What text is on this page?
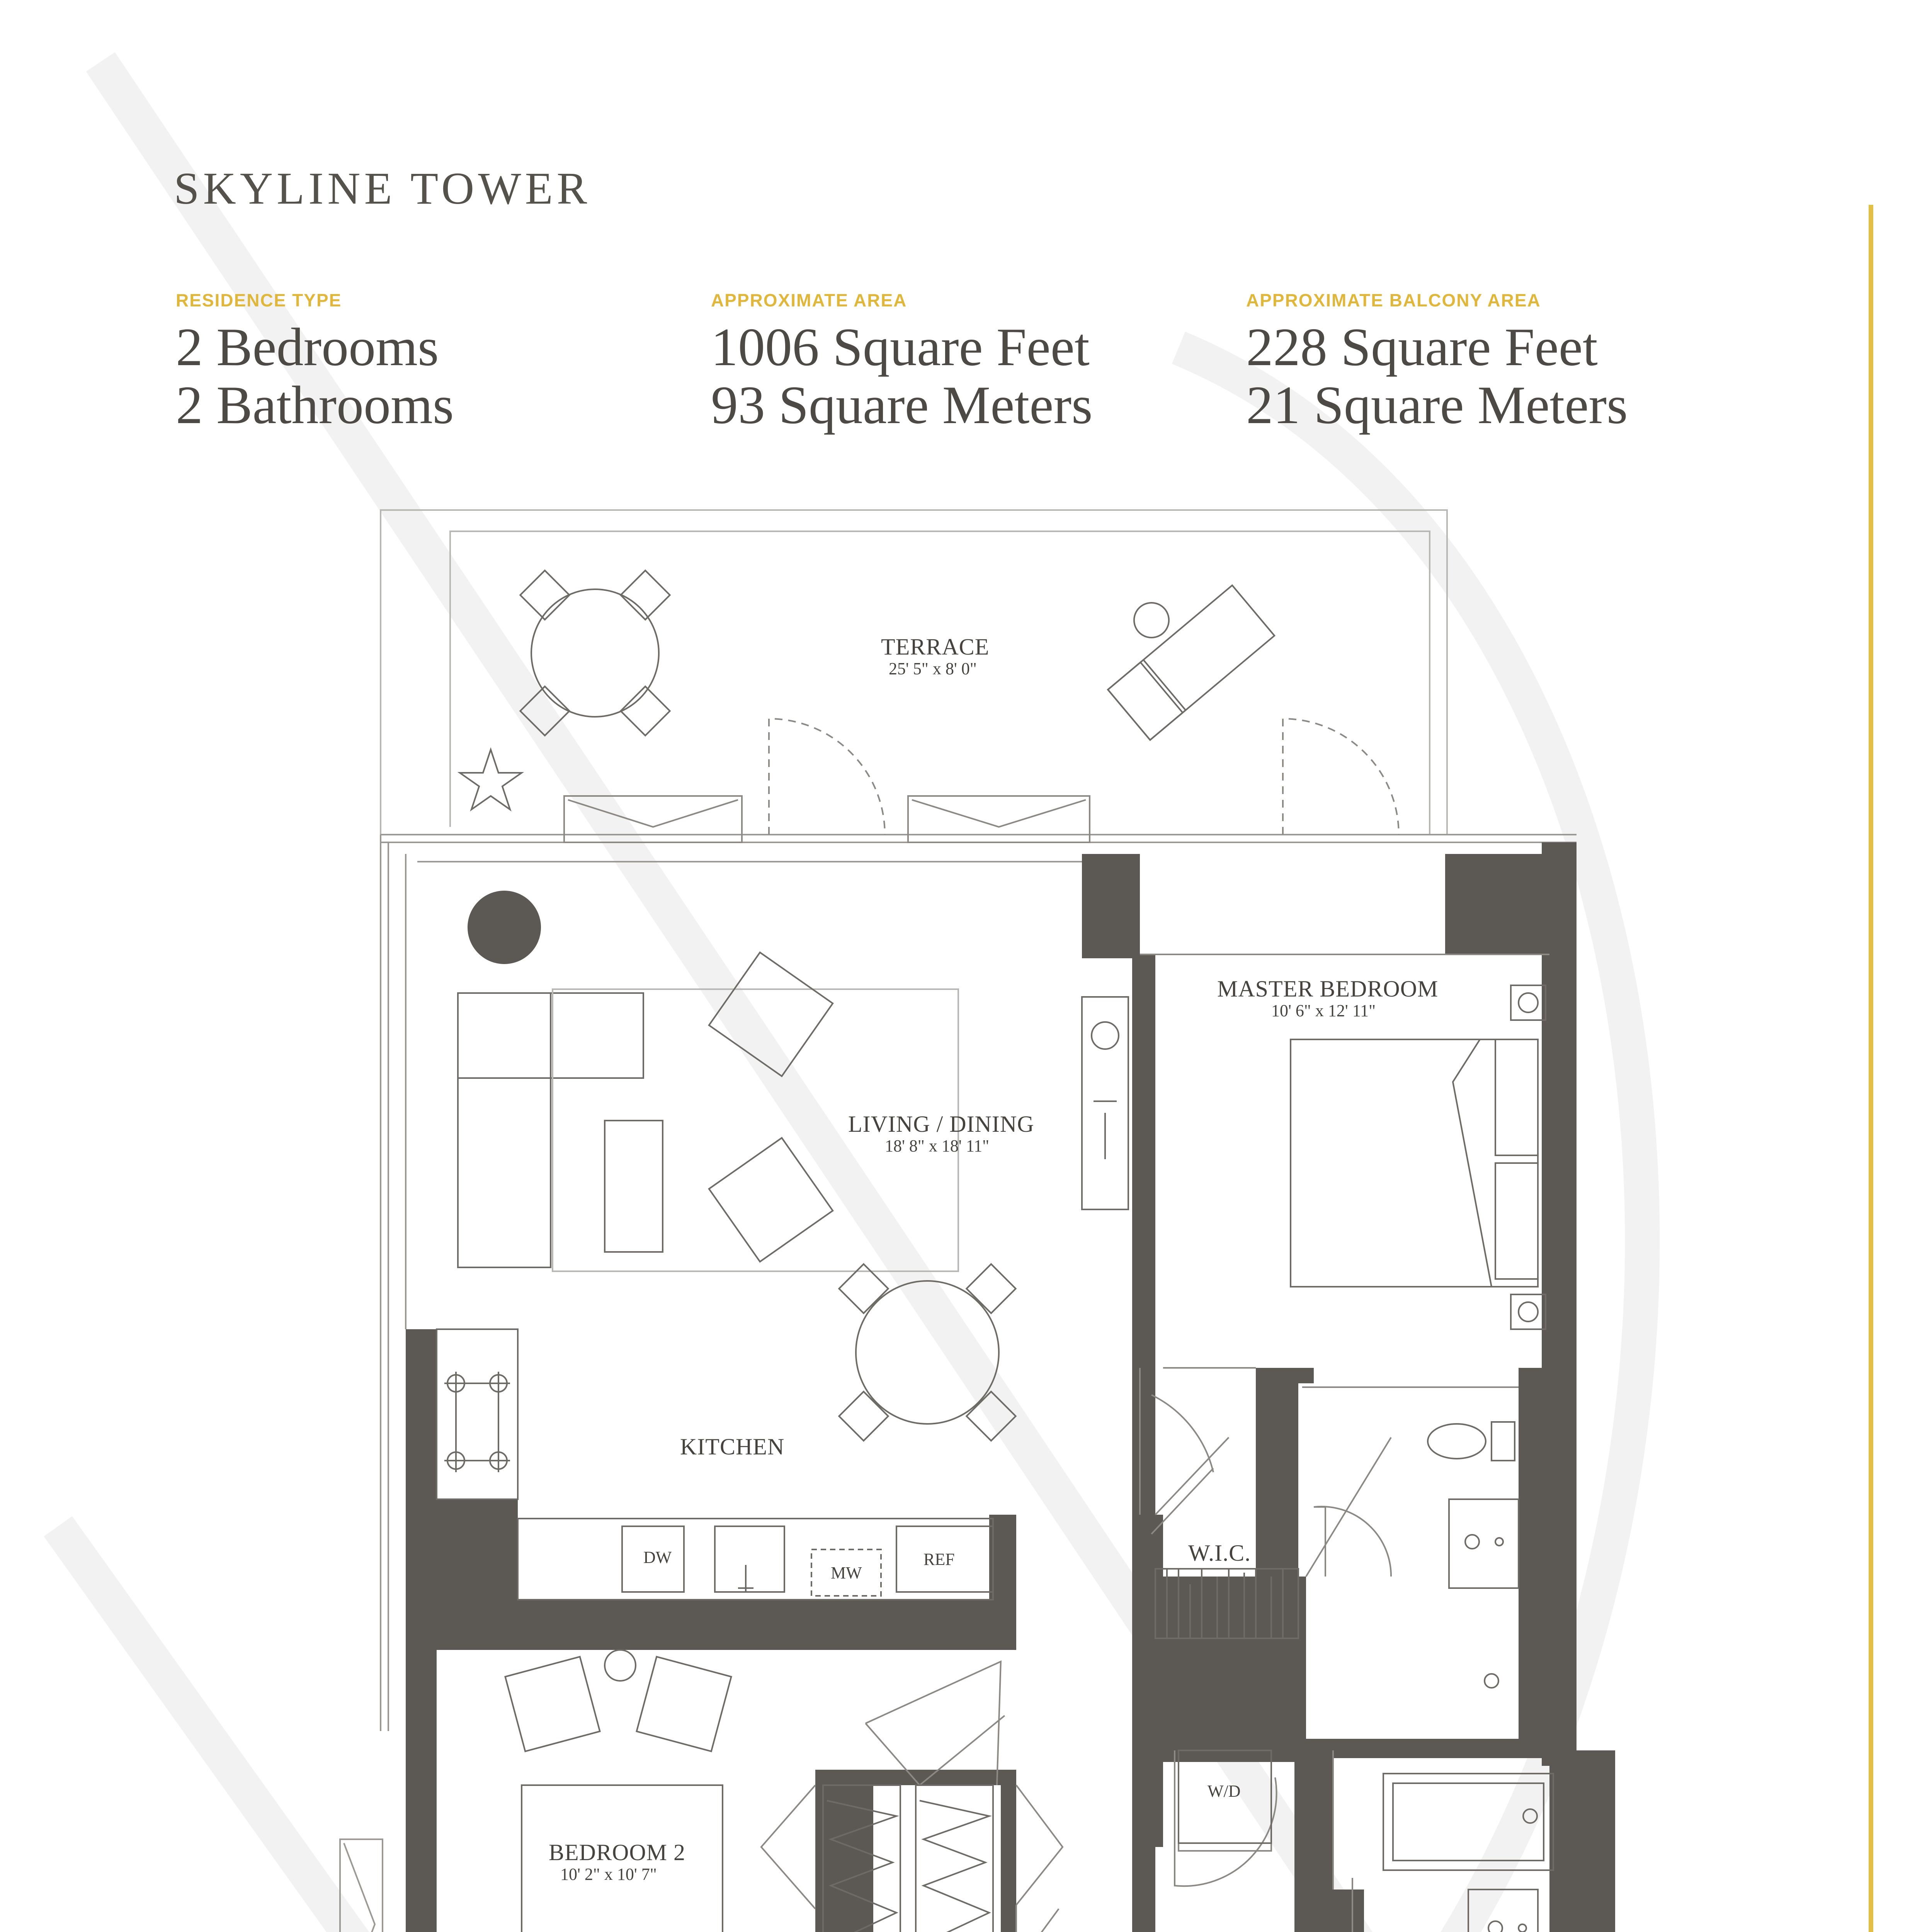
SKYLINE TOWER
RESIDENCE TYPE
2 Bedrooms
2 Bathrooms
APPROXIMATE AREA
1006 Square Feet
93 Square Meters
APPROXIMATE BALCONY AREA
228 Square Feet
21 Square Meters
TERRACE
25' 5" x 8' 0"
MASTER BEDROOM
10' 6" x 12' 11"
LIVING / DINING
18' 8" x 18' 11"
KITCHEN
W.I.C.
BEDROOM 2
10' 2" x 10' 7"
DW
MW
REF
W/D
